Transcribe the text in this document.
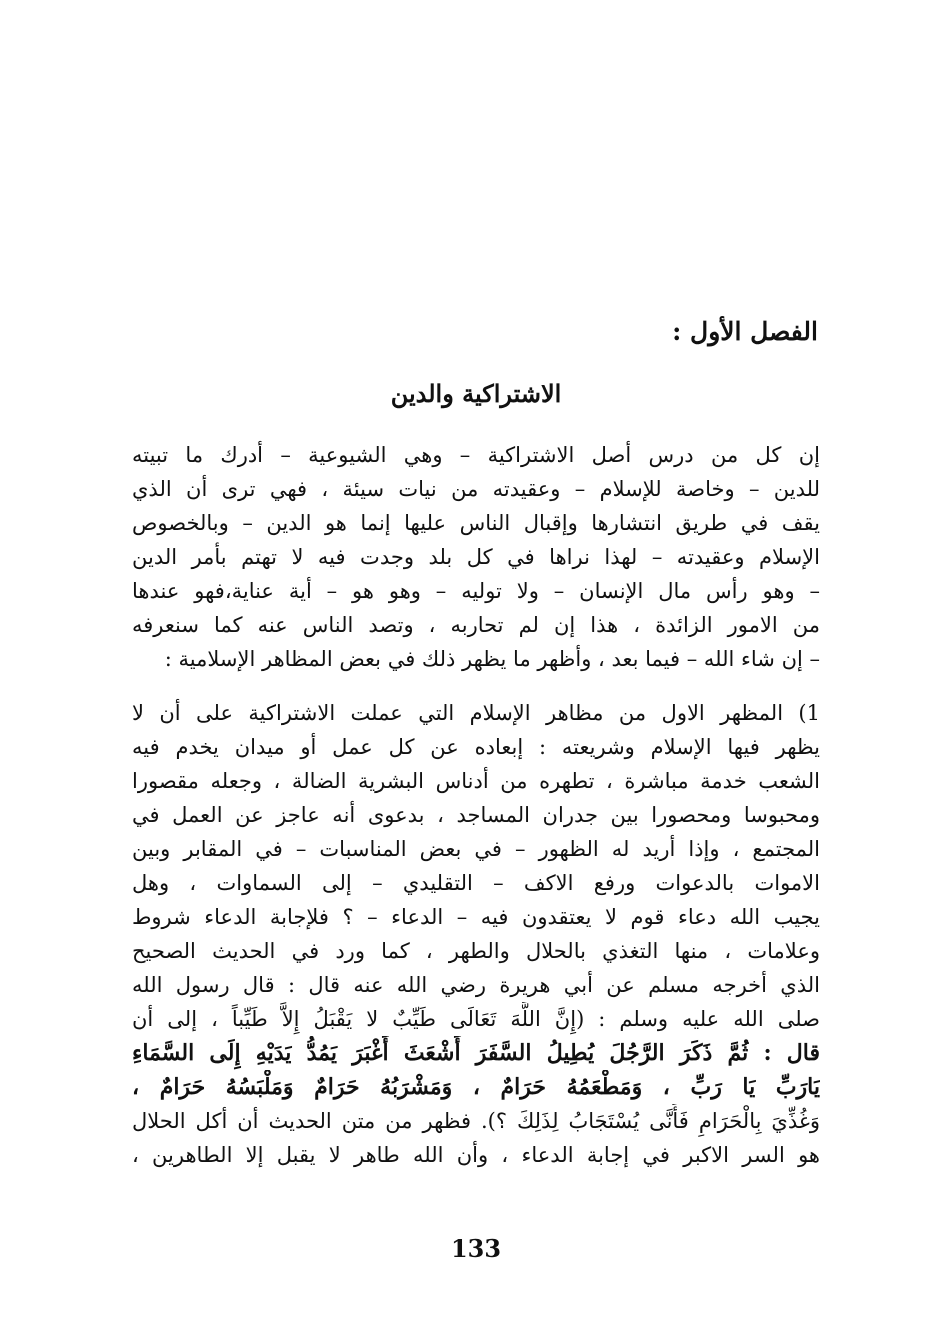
الفصل الأول :
الاشتراكية والدين
إن كل من درس أصل الاشتراكية – وهي الشيوعية – أدرك ما تبيته
للدين – وخاصة للإسلام – وعقيدته من نيات سيئة ، فهي ترى أن الذي
يقف في طريق انتشارها وإقبال الناس عليها إنما هو الدين – وبالخصوص
الإسلام وعقيدته – لهذا نراها في كل بلد وجدت فيه لا تهتم بأمر الدين
– وهو رأس مال الإنسان – ولا توليه – وهو هو – أية عناية،فهو عندها
من الامور الزائدة ، هذا إن لم تحاربه ، وتصد الناس عنه كما سنعرفه
– إن شاء الله – فيما بعد ، وأظهر ما يظهر ذلك في بعض المظاهر الإسلامية :
1) المظهر الاول من مظاهر الإسلام التي عملت الاشتراكية على أن لا
يظهر فيها الإسلام وشريعته : إبعاده عن كل عمل أو ميدان يخدم فيه
الشعب خدمة مباشرة ، تطهره من أدناس البشرية الضالة ، وجعله مقصورا
ومحبوسا ومحصورا بين جدران المساجد ، بدعوى أنه عاجز عن العمل في
المجتمع ، وإذا أريد له الظهور – في بعض المناسبات – في المقابر وبين
الاموات بالدعوات ورفع الاكف – التقليدي – إلى السماوات ، وهل
يجيب الله دعاء قوم لا يعتقدون فيه – الدعاء – ؟ فلإجابة الدعاء شروط
وعلامات ، منها التغذي بالحلال والطهر ، كما ورد في الحديث الصحيح
الذي أخرجه مسلم عن أبي هريرة رضي الله عنه قال : قال رسول الله
صلى الله عليه وسلم : (إِنَّ اللَّهَ تَعَالَى طَيِّبٌ لا يَقْبَلُ إِلاَّ طَيِّباً ، إلى أن
قال : ثُمَّ ذَكَرَ الرَّجُلَ يُطِيلُ السَّفَرَ أَشْعَثَ أَغْبَرَ يَمُدُّ يَدَيْهِ إِلَى السَّمَاءِ
يَارَبِّ يَا رَبِّ ، وَمَطْعَمُهُ حَرَامٌ ، وَمَشْرَبُهُ حَرَامٌ وَمَلْبَسُهُ حَرَامٌ ،
وَغُذِّيَ بِالْحَرَامِ فَأَنَّى يُسْتَجَابُ لِذَلِكَ ؟). فظهر من متن الحديث أن أكل الحلال
هو السر الاكبر في إجابة الدعاء ، وأن الله طاهر لا يقبل إلا الطاهرين ،
133
